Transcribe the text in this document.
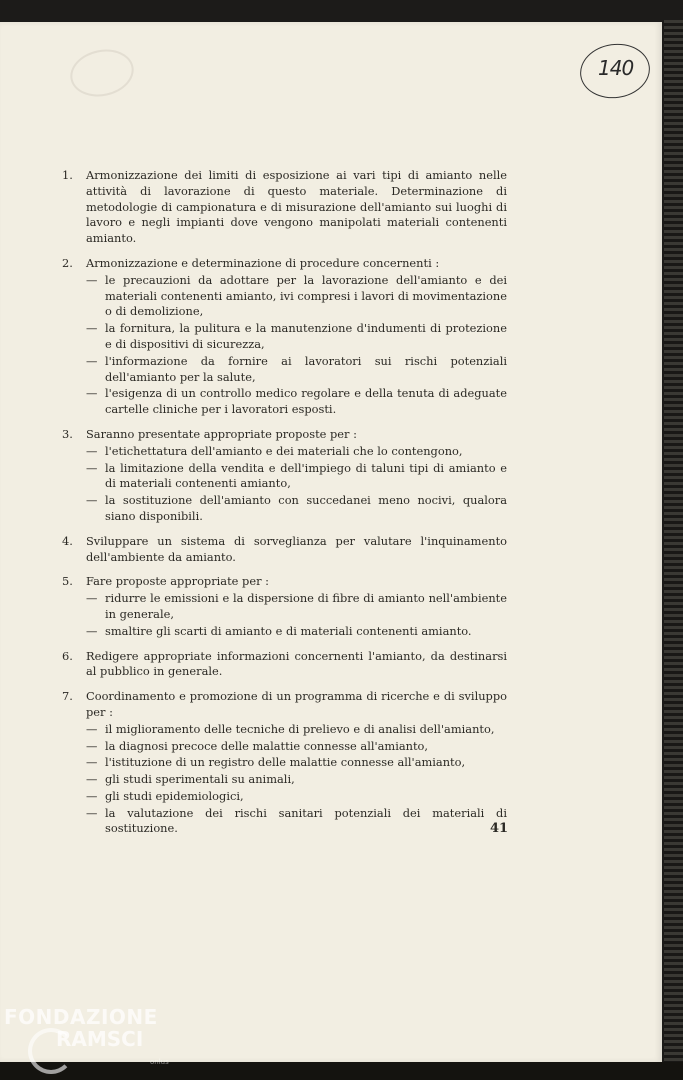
140
1. Armonizzazione dei limiti di esposizione ai vari tipi di amianto nelle attività di lavorazione di questo materiale. Determinazione di metodologie di campionatura e di misurazione dell'amianto sui luoghi di lavoro e negli impianti dove vengono manipolati materiali contenenti amianto.
2. Armonizzazione e determinazione di procedure concernenti :
— le precauzioni da adottare per la lavorazione dell'amianto e dei materiali contenenti amianto, ivi compresi i lavori di movimentazione o di demolizione,
— la fornitura, la pulitura e la manutenzione d'indumenti di protezione e di dispositivi di sicurezza,
— l'informazione da fornire ai lavoratori sui rischi potenziali dell'amianto per la salute,
— l'esigenza di un controllo medico regolare e della tenuta di adeguate cartelle cliniche per i lavoratori esposti.
3. Saranno presentate appropriate proposte per :
— l'etichettatura dell'amianto e dei materiali che lo contengono,
— la limitazione della vendita e dell'impiego di taluni tipi di amianto e di materiali contenenti amianto,
— la sostituzione dell'amianto con succedanei meno nocivi, qualora siano disponibili.
4. Sviluppare un sistema di sorveglianza per valutare l'inquinamento dell'ambiente da amianto.
5. Fare proposte appropriate per :
— ridurre le emissioni e la dispersione di fibre di amianto nell'ambiente in generale,
— smaltire gli scarti di amianto e di materiali contenenti amianto.
6. Redigere appropriate informazioni concernenti l'amianto, da destinarsi al pubblico in generale.
7. Coordinamento e promozione di un programma di ricerche e di sviluppo per :
— il miglioramento delle tecniche di prelievo e di analisi dell'amianto,
— la diagnosi precoce delle malattie connesse all'amianto,
— l'istituzione di un registro delle malattie connesse all'amianto,
— gli studi sperimentali su animali,
— gli studi epidemiologici,
— la valutazione dei rischi sanitari potenziali dei materiali di sostituzione.	41
FONDAZIONE
RAMSCI
onlus
